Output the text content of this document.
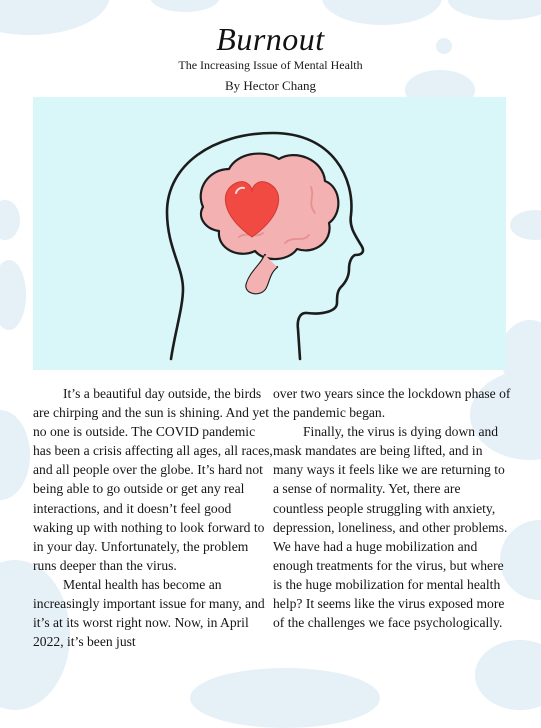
Burnout
The Increasing Issue of Mental Health
By Hector Chang

It’s a beautiful day outside, the birds are chirping and the sun is shining. And yet no one is outside. The COVID pandemic has been a crisis affecting all ages, all races, and all people over the globe. It’s hard not being able to go outside or get any real interactions, and it doesn’t feel good waking up with nothing to look forward to in your day. Unfortunately, the problem runs deeper than the virus.

Mental health has become an increasingly important issue for many, and it’s at its worst right now. Now, in April 2022, it’s been just

over two years since the lockdown phase of the pandemic began.

Finally, the virus is dying down and mask mandates are being lifted, and in many ways it feels like we are returning to a sense of normality. Yet, there are countless people struggling with anxiety, depression, loneliness, and other problems. We have had a huge mobilization and enough treatments for the virus, but where is the huge mobilization for mental health help? It seems like the virus exposed more of the challenges we face psychologically.
